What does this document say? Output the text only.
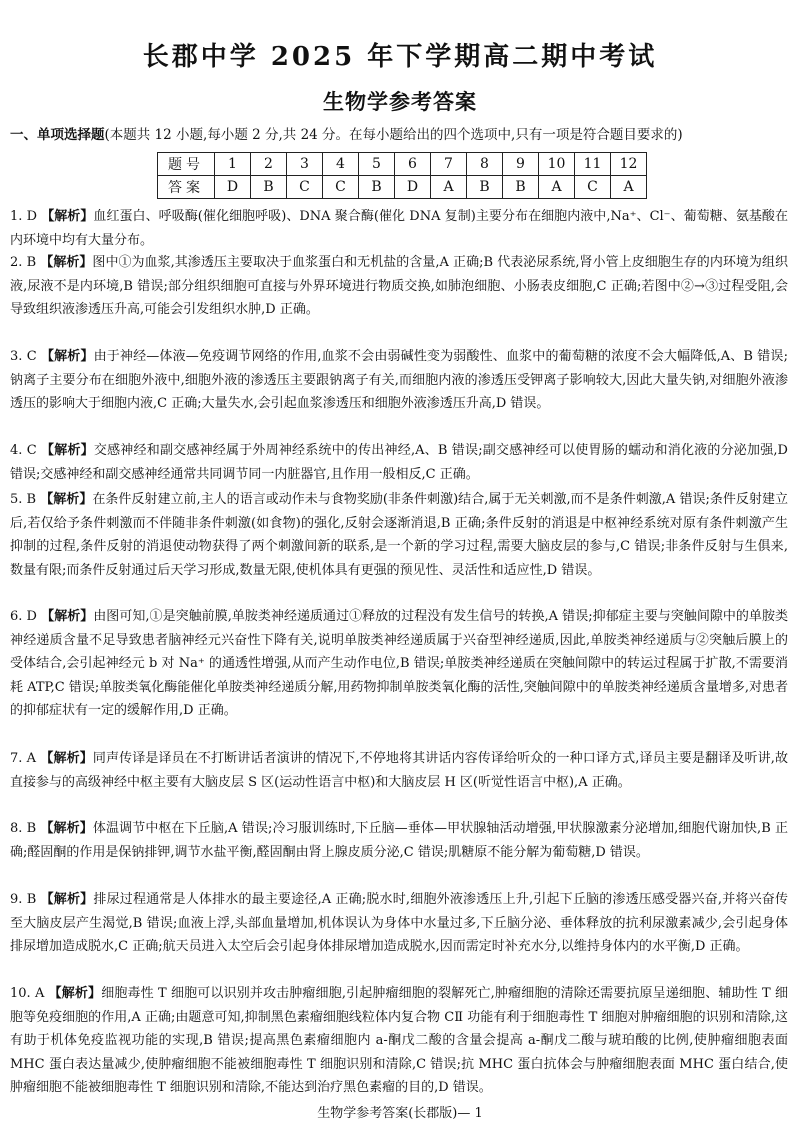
长郡中学 2025 年下学期高二期中考试
生物学参考答案
一、单项选择题(本题共 12 小题,每小题 2 分,共 24 分。在每小题给出的四个选项中,只有一项是符合题目要求的)
题号	1	2	3	4	5	6	7	8	9	10	11	12
答案	D	B	C	C	B	D	A	B	B	A	C	A
1. D 【解析】血红蛋白、呼吸酶(催化细胞呼吸)、DNA 聚合酶(催化 DNA 复制)主要分布在细胞内液中,Na⁺、Cl⁻、葡萄糖、氨基酸在内环境中均有大量分布。
2. B 【解析】图中①为血浆,其渗透压主要取决于血浆蛋白和无机盐的含量,A 正确;B 代表泌尿系统,肾小管上皮细胞生存的内环境为组织液,尿液不是内环境,B 错误;部分组织细胞可直接与外界环境进行物质交换,如肺泡细胞、小肠表皮细胞,C 正确;若图中②→③过程受阻,会导致组织液渗透压升高,可能会引发组织水肿,D 正确。
3. C 【解析】由于神经—体液—免疫调节网络的作用,血浆不会由弱碱性变为弱酸性、血浆中的葡萄糖的浓度不会大幅降低,A、B 错误;钠离子主要分布在细胞外液中,细胞外液的渗透压主要跟钠离子有关,而细胞内液的渗透压受钾离子影响较大,因此大量失钠,对细胞外液渗透压的影响大于细胞内液,C 正确;大量失水,会引起血浆渗透压和细胞外液渗透压升高,D 错误。
4. C 【解析】交感神经和副交感神经属于外周神经系统中的传出神经,A、B 错误;副交感神经可以使胃肠的蠕动和消化液的分泌加强,D 错误;交感神经和副交感神经通常共同调节同一内脏器官,且作用一般相反,C 正确。
5. B 【解析】在条件反射建立前,主人的语言或动作未与食物奖励(非条件刺激)结合,属于无关刺激,而不是条件刺激,A 错误;条件反射建立后,若仅给予条件刺激而不伴随非条件刺激(如食物)的强化,反射会逐渐消退,B 正确;条件反射的消退是中枢神经系统对原有条件刺激产生抑制的过程,条件反射的消退使动物获得了两个刺激间新的联系,是一个新的学习过程,需要大脑皮层的参与,C 错误;非条件反射与生俱来,数量有限;而条件反射通过后天学习形成,数量无限,使机体具有更强的预见性、灵活性和适应性,D 错误。
6. D 【解析】由图可知,①是突触前膜,单胺类神经递质通过①释放的过程没有发生信号的转换,A 错误;抑郁症主要与突触间隙中的单胺类神经递质含量不足导致患者脑神经元兴奋性下降有关,说明单胺类神经递质属于兴奋型神经递质,因此,单胺类神经递质与②突触后膜上的受体结合,会引起神经元 b 对 Na⁺ 的通透性增强,从而产生动作电位,B 错误;单胺类神经递质在突触间隙中的转运过程属于扩散,不需要消耗 ATP,C 错误;单胺类氧化酶能催化单胺类神经递质分解,用药物抑制单胺类氧化酶的活性,突触间隙中的单胺类神经递质含量增多,对患者的抑郁症状有一定的缓解作用,D 正确。
7. A 【解析】同声传译是译员在不打断讲话者演讲的情况下,不停地将其讲话内容传译给听众的一种口译方式,译员主要是翻译及听讲,故直接参与的高级神经中枢主要有大脑皮层 S 区(运动性语言中枢)和大脑皮层 H 区(听觉性语言中枢),A 正确。
8. B 【解析】体温调节中枢在下丘脑,A 错误;冷习服训练时,下丘脑—垂体—甲状腺轴活动增强,甲状腺激素分泌增加,细胞代谢加快,B 正确;醛固酮的作用是保钠排钾,调节水盐平衡,醛固酮由肾上腺皮质分泌,C 错误;肌糖原不能分解为葡萄糖,D 错误。
9. B 【解析】排尿过程通常是人体排水的最主要途径,A 正确;脱水时,细胞外液渗透压上升,引起下丘脑的渗透压感受器兴奋,并将兴奋传至大脑皮层产生渴觉,B 错误;血液上浮,头部血量增加,机体误认为身体中水量过多,下丘脑分泌、垂体释放的抗利尿激素减少,会引起身体排尿增加造成脱水,C 正确;航天员进入太空后会引起身体排尿增加造成脱水,因而需定时补充水分,以维持身体内的水平衡,D 正确。
10. A 【解析】细胞毒性 T 细胞可以识别并攻击肿瘤细胞,引起肿瘤细胞的裂解死亡,肿瘤细胞的清除还需要抗原呈递细胞、辅助性 T 细胞等免疫细胞的作用,A 正确;由题意可知,抑制黑色素瘤细胞线粒体内复合物 CⅡ 功能有利于细胞毒性 T 细胞对肿瘤细胞的识别和清除,这有助于机体免疫监视功能的实现,B 错误;提高黑色素瘤细胞内 a-酮戊二酸的含量会提高 a-酮戊二酸与琥珀酸的比例,使肿瘤细胞表面 MHC 蛋白表达量减少,使肿瘤细胞不能被细胞毒性 T 细胞识别和清除,C 错误;抗 MHC 蛋白抗体会与肿瘤细胞表面 MHC 蛋白结合,使肿瘤细胞不能被细胞毒性 T 细胞识别和清除,不能达到治疗黑色素瘤的目的,D 错误。
生物学参考答案(长郡版)— 1
